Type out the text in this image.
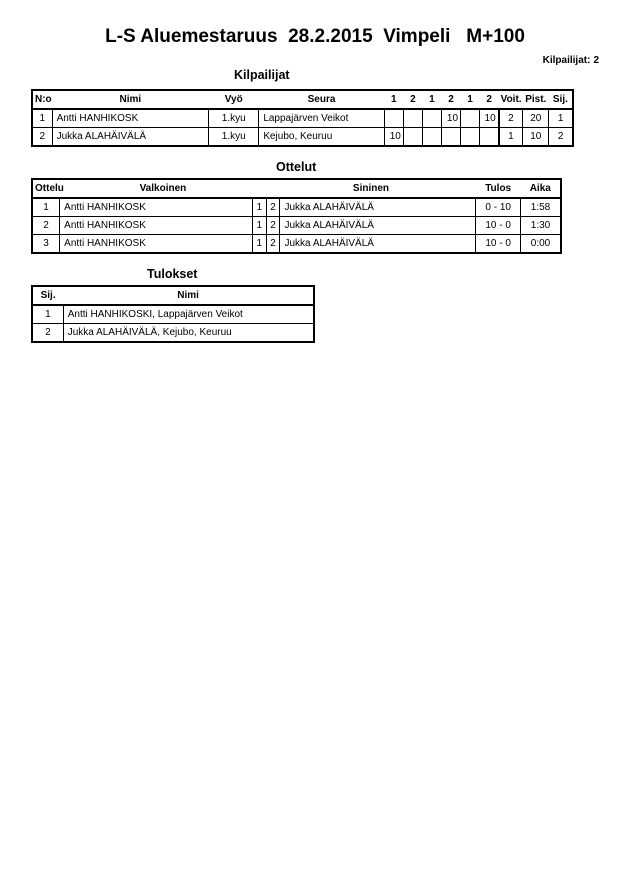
L-S Aluemestaruus  28.2.2015  Vimpeli   M+100
Kilpailijat: 2
Kilpailijat
N:o	Nimi	Vyö	Seura	1	2	1	2	1	2	Voit.	Pist.	Sij.
1	Antti HANHIKOSK	1.kyu	Lappajärven Veikot				10		10	2	20	1
2	Jukka ALAHÄIVÄLÄ	1.kyu	Kejubo, Keuruu	10						1	10	2
Ottelut
Ottelu	Valkoinen		Sininen		Tulos	Aika
1	Antti HANHIKOSK	1	2	Jukka ALAHÄIVÄLÄ	0 - 10	1:58
2	Antti HANHIKOSK	1	2	Jukka ALAHÄIVÄLÄ	10 - 0	1:30
3	Antti HANHIKOSK	1	2	Jukka ALAHÄIVÄLÄ	10 - 0	0:00
Tulokset
Sij.	Nimi
1	Antti HANHIKOSKI, Lappajärven Veikot
2	Jukka ALAHÄIVÄLÄ, Kejubo, Keuruu
